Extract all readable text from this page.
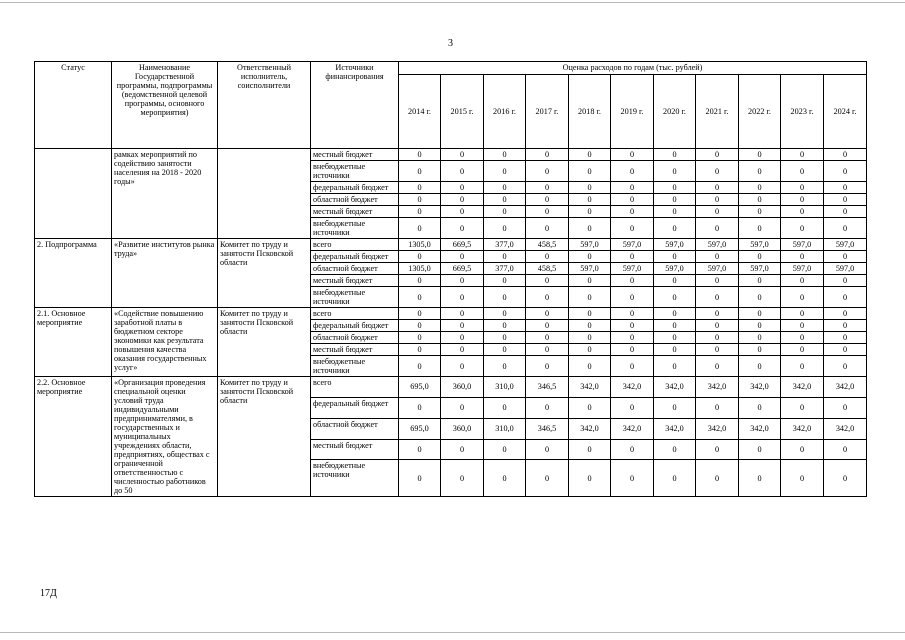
3
Статус	Наименование Государственной программы, подпрограммы (ведомственной целевой программы, основного мероприятия)	Ответственный исполнитель, соисполнители	Источники финансирования	Оценка расходов по годам (тыс. рублей)										
				2014 г.	2015 г.	2016 г.	2017 г.	2018 г.	2019 г.	2020 г.	2021 г.	2022 г.	2023 г.	2024 г.
	рамках мероприятий по содействию занятости населения на 2018 - 2020 годы»		местный бюджет	0	0	0	0	0	0	0	0	0	0	0
			внебюджетные источники	0	0	0	0	0	0	0	0	0	0	0
			федеральный бюджет	0	0	0	0	0	0	0	0	0	0	0
			областной бюджет	0	0	0	0	0	0	0	0	0	0	0
			местный бюджет	0	0	0	0	0	0	0	0	0	0	0
			внебюджетные источники	0	0	0	0	0	0	0	0	0	0	0
2. Подпрограмма	«Развитие институтов рынка труда»	Комитет по труду и занятости Псковской области	всего	1305,0	669,5	377,0	458,5	597,0	597,0	597,0	597,0	597,0	597,0	597,0
			федеральный бюджет	0	0	0	0	0	0	0	0	0	0	0
			областной бюджет	1305,0	669,5	377,0	458,5	597,0	597,0	597,0	597,0	597,0	597,0	597,0
			местный бюджет	0	0	0	0	0	0	0	0	0	0	0
			внебюджетные источники	0	0	0	0	0	0	0	0	0	0	0
2.1. Основное мероприятие	«Содействие повышению заработной платы в бюджетном секторе экономики как результата повышения качества оказания государственных услуг»	Комитет по труду и занятости Псковской области	всего	0	0	0	0	0	0	0	0	0	0	0
			федеральный бюджет	0	0	0	0	0	0	0	0	0	0	0
			областной бюджет	0	0	0	0	0	0	0	0	0	0	0
			местный бюджет	0	0	0	0	0	0	0	0	0	0	0
			внебюджетные источники	0	0	0	0	0	0	0	0	0	0	0
2.2. Основное мероприятие	«Организация проведения специальной оценки условий труда индивидуальными предпринимателями, в государственных и муниципальных учреждениях области, предприятиях, обществах с ограниченной ответственностью с численностью работников до 50	Комитет по труду и занятости Псковской области	всего	695,0	360,0	310,0	346,5	342,0	342,0	342,0	342,0	342,0	342,0	342,0
			федеральный бюджет	0	0	0	0	0	0	0	0	0	0	0
			областной бюджет	695,0	360,0	310,0	346,5	342,0	342,0	342,0	342,0	342,0	342,0	342,0
			местный бюджет	0	0	0	0	0	0	0	0	0	0	0
			внебюджетные источники	0	0	0	0	0	0	0	0	0	0	0
17Д
